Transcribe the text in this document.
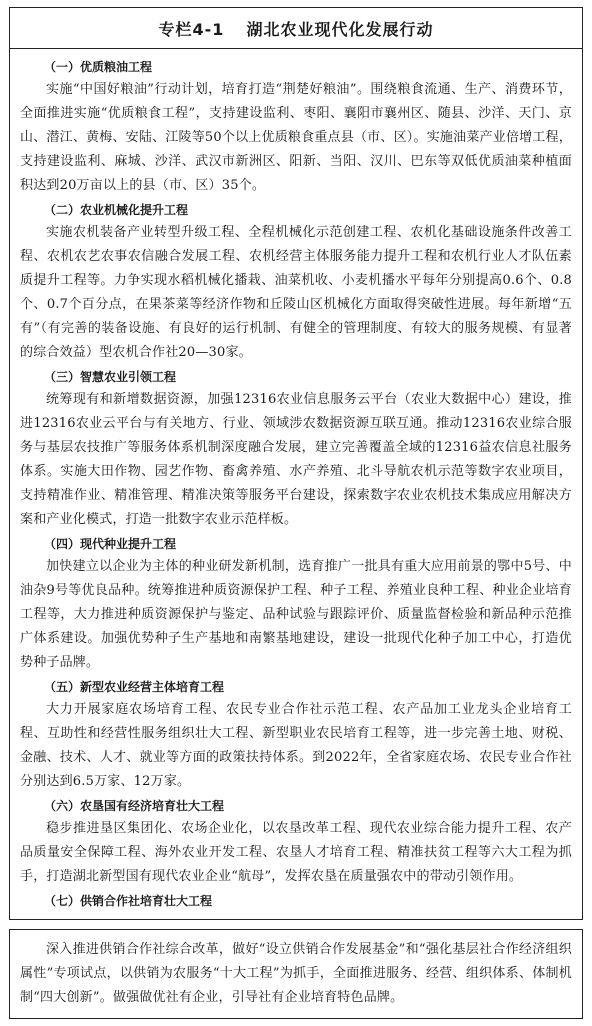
专栏4-1 湖北农业现代化发展行动

（一）优质粮油工程

实施“中国好粮油”行动计划，培育打造“荆楚好粮油”。围绕粮食流通、生产、消费环节，全面推进实施“优质粮食工程”，支持建设监利、枣阳、襄阳市襄州区、随县、沙洋、天门、京山、潜江、黄梅、安陆、江陵等50个以上优质粮食重点县（市、区）。实施油菜产业倍增工程，支持建设监利、麻城、沙洋、武汉市新洲区、阳新、当阳、汉川、巴东等双低优质油菜种植面积达到20万亩以上的县（市、区）35个。

（二）农业机械化提升工程

实施农机装备产业转型升级工程、全程机械化示范创建工程、农机化基础设施条件改善工程、农机农艺农事农信融合发展工程、农机经营主体服务能力提升工程和农机行业人才队伍素质提升工程等。力争实现水稻机械化播栽、油菜机收、小麦机播水平每年分别提高0.6个、0.8个、0.7个百分点，在果茶菜等经济作物和丘陵山区机械化方面取得突破性进展。每年新增“五有”（有完善的装备设施、有良好的运行机制、有健全的管理制度、有较大的服务规模、有显著的综合效益）型农机合作社20—30家。

（三）智慧农业引领工程

统筹现有和新增数据资源，加强12316农业信息服务云平台（农业大数据中心）建设，推进12316农业云平台与有关地方、行业、领域涉农数据资源互联互通。推动12316农业综合服务与基层农技推广等服务体系机制深度融合发展，建立完善覆盖全域的12316益农信息社服务体系。实施大田作物、园艺作物、畜禽养殖、水产养殖、北斗导航农机示范等数字农业项目，支持精准作业、精准管理、精准决策等服务平台建设，探索数字农业农机技术集成应用解决方案和产业化模式，打造一批数字农业示范样板。

（四）现代种业提升工程

加快建立以企业为主体的种业研发新机制，选育推广一批具有重大应用前景的鄂中5号、中油杂9号等优良品种。统筹推进种质资源保护工程、种子工程、养殖业良种工程、种业企业培育工程等，大力推进种质资源保护与鉴定、品种试验与跟踪评价、质量监督检验和新品种示范推广体系建设。加强优势种子生产基地和南繁基地建设，建设一批现代化种子加工中心，打造优势种子品牌。

（五）新型农业经营主体培育工程

大力开展家庭农场培育工程、农民专业合作社示范工程、农产品加工业龙头企业培育工程、互助性和经营性服务组织壮大工程、新型职业农民培育工程等，进一步完善土地、财税、金融、技术、人才、就业等方面的政策扶持体系。到2022年，全省家庭农场、农民专业合作社分别达到6.5万家、12万家。

（六）农垦国有经济培育壮大工程

稳步推进垦区集团化、农场企业化，以农垦改革工程、现代农业综合能力提升工程、农产品质量安全保障工程、海外农业开发工程、农垦人才培育工程、精准扶贫工程等六大工程为抓手，打造湖北新型国有现代农业企业“航母”，发挥农垦在质量强农中的带动引领作用。

（七）供销合作社培育壮大工程

深入推进供销合作社综合改革，做好“设立供销合作发展基金”和“强化基层社合作经济组织属性”专项试点，以供销为农服务“十大工程”为抓手，全面推进服务、经营、组织体系、体制机制“四大创新”。做强做优社有企业，引导社有企业培育特色品牌。
